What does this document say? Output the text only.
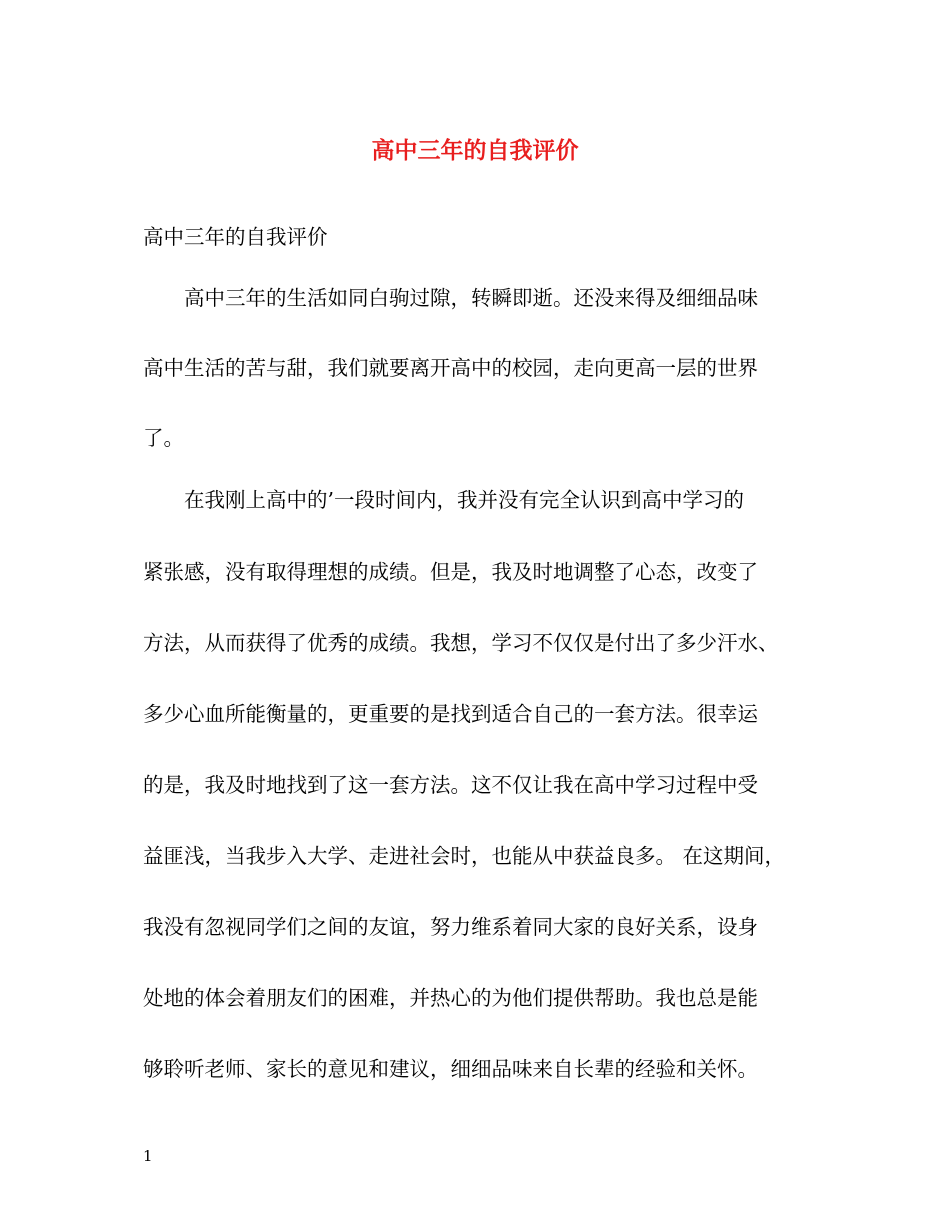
高中三年的自我评价

高中三年的自我评价

高中三年的生活如同白驹过隙，转瞬即逝。还没来得及细细品味

高中生活的苦与甜，我们就要离开高中的校园，走向更高一层的世界

了。

在我刚上高中的’一段时间内，我并没有完全认识到高中学习的

紧张感，没有取得理想的成绩。但是，我及时地调整了心态，改变了

方法，从而获得了优秀的成绩。我想，学习不仅仅是付出了多少汗水、

多少心血所能衡量的，更重要的是找到适合自己的一套方法。很幸运

的是，我及时地找到了这一套方法。这不仅让我在高中学习过程中受

益匪浅，当我步入大学、走进社会时，也能从中获益良多。 在这期间，

我没有忽视同学们之间的友谊，努力维系着同大家的良好关系，设身

处地的体会着朋友们的困难，并热心的为他们提供帮助。我也总是能

够聆听老师、家长的意见和建议，细细品味来自长辈的经验和关怀。

1
